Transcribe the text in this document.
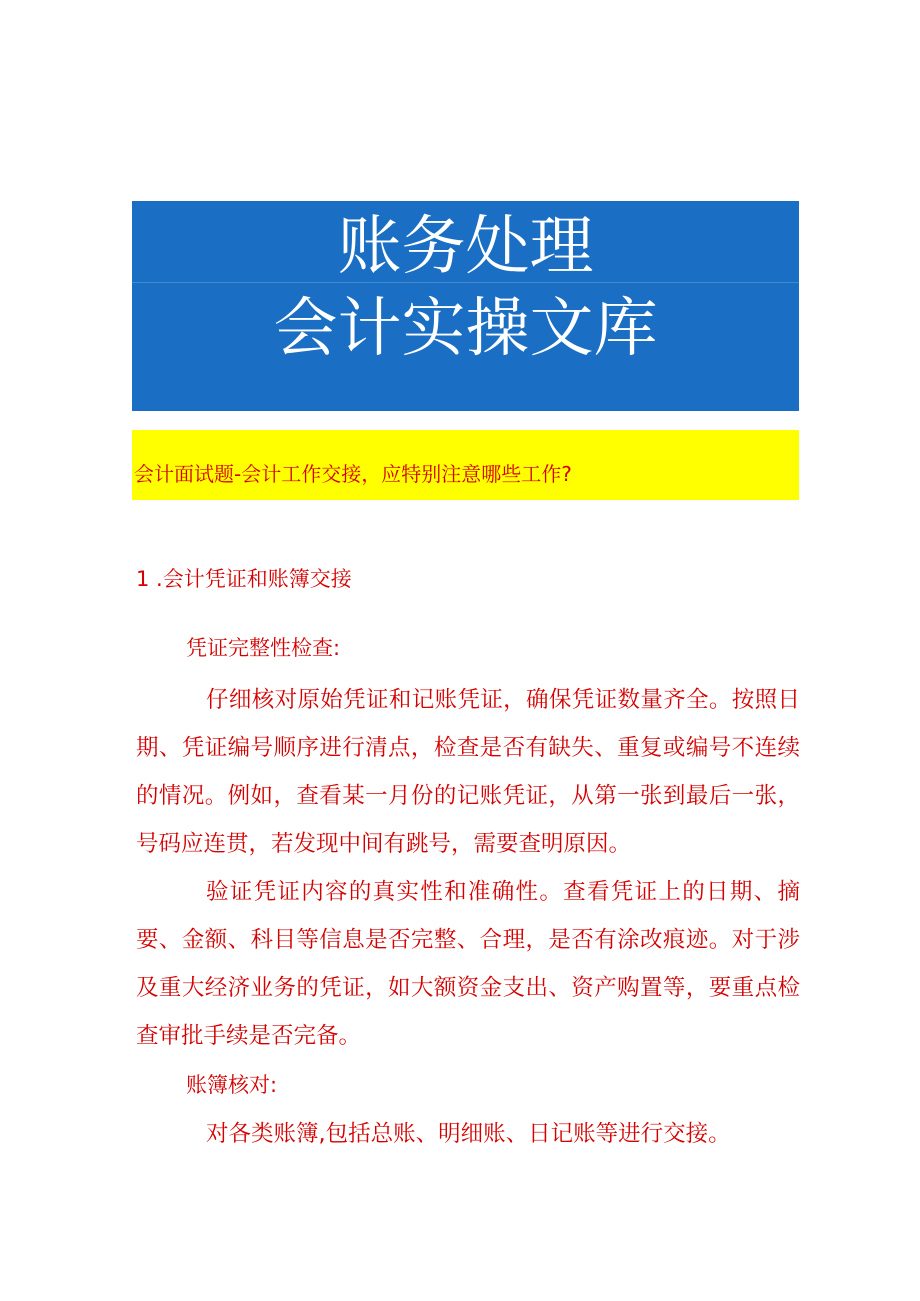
账务处理
会计实操文库
会计面试题-会计工作交接，应特别注意哪些工作?
1 .会计凭证和账簿交接
凭证完整性检查:

仔细核对原始凭证和记账凭证，确保凭证数量齐全。按照日期、凭证编号顺序进行清点，检查是否有缺失、重复或编号不连续的情况。例如，查看某一月份的记账凭证，从第一张到最后一张，号码应连贯，若发现中间有跳号，需要查明原因。

验证凭证内容的真实性和准确性。查看凭证上的日期、摘要、金额、科目等信息是否完整、合理，是否有涂改痕迹。对于涉及重大经济业务的凭证，如大额资金支出、资产购置等，要重点检查审批手续是否完备。

账簿核对:

对各类账簿,包括总账、明细账、日记账等进行交接。
